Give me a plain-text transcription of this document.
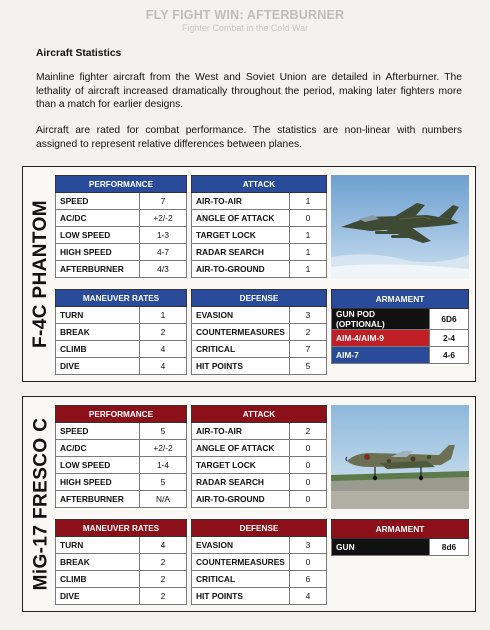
FLY FIGHT WIN: AFTERBURNER
Fighter Combat in the Cold War
Aircraft Statistics

Mainline fighter aircraft from the West and Soviet Union are detailed in Afterburner. The lethality of aircraft increased dramatically throughout the period, making later fighters more than a match for earlier designs.

Aircraft are rated for combat performance. The statistics are non-linear with numbers assigned to represent relative differences between planes.

F-4C PHANTOM
PERFORMANCE	
SPEED	7
AC/DC	+2/-2
LOW SPEED	1-3
HIGH SPEED	4-7
AFTERBURNER	4/3
ATTACK	
AIR-TO-AIR	1
ANGLE OF ATTACK	0
TARGET LOCK	1
RADAR SEARCH	1
AIR-TO-GROUND	1
MANEUVER RATES	
TURN	1
BREAK	2
CLIMB	4
DIVE	4
DEFENSE	
EVASION	3
COUNTERMEASURES	2
CRITICAL	7
HIT POINTS	5
ARMAMENT	
GUN POD (OPTIONAL)	6D6
AIM-4/AIM-9	2-4
AIM-7	4-6
MiG-17 FRESCO C
PERFORMANCE	
SPEED	5
AC/DC	+2/-2
LOW SPEED	1-4
HIGH SPEED	5
AFTERBURNER	N/A
ATTACK	
AIR-TO-AIR	2
ANGLE OF ATTACK	0
TARGET LOCK	0
RADAR SEARCH	0
AIR-TO-GROUND	0
MANEUVER RATES	
TURN	4
BREAK	2
CLIMB	2
DIVE	2
DEFENSE	
EVASION	3
COUNTERMEASURES	0
CRITICAL	6
HIT POINTS	4
ARMAMENT
GUN	8d6
